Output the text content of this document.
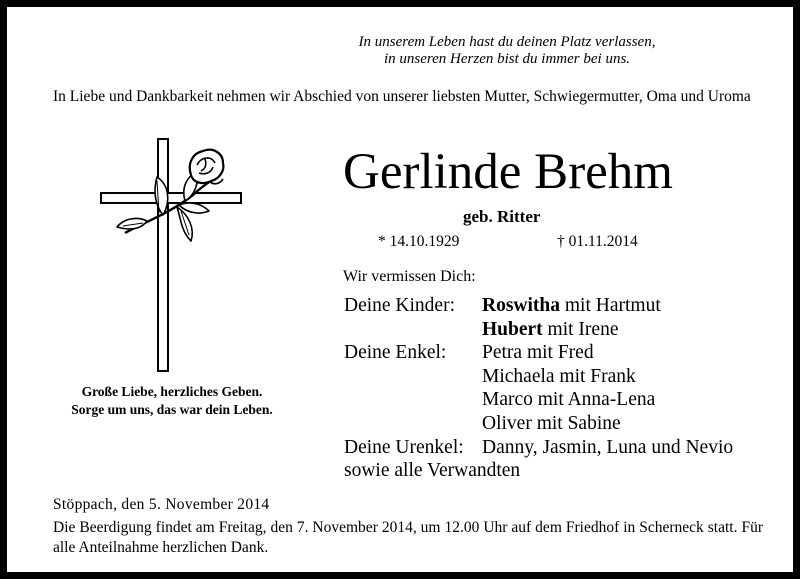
In unserem Leben hast du deinen Platz verlassen,
in unseren Herzen bist du immer bei uns.
In Liebe und Dankbarkeit nehmen wir Abschied von unserer liebsten Mutter, Schwiegermutter, Oma und Uroma
Große Liebe, herzliches Geben.
Sorge um uns, das war dein Leben.
Gerlinde Brehm
geb. Ritter
* 14.10.1929	† 01.11.2014
Wir vermissen Dich:
Deine Kinder: Roswitha mit Hartmut
Hubert mit Irene
Deine Enkel: Petra mit Fred
Michaela mit Frank
Marco mit Anna-Lena
Oliver mit Sabine
Deine Urenkel: Danny, Jasmin, Luna und Nevio
sowie alle Verwandten
Stöppach, den 5. November 2014
Die Beerdigung findet am Freitag, den 7. November 2014, um 12.00 Uhr auf dem Friedhof in Scherneck statt. Für alle Anteilnahme herzlichen Dank.
